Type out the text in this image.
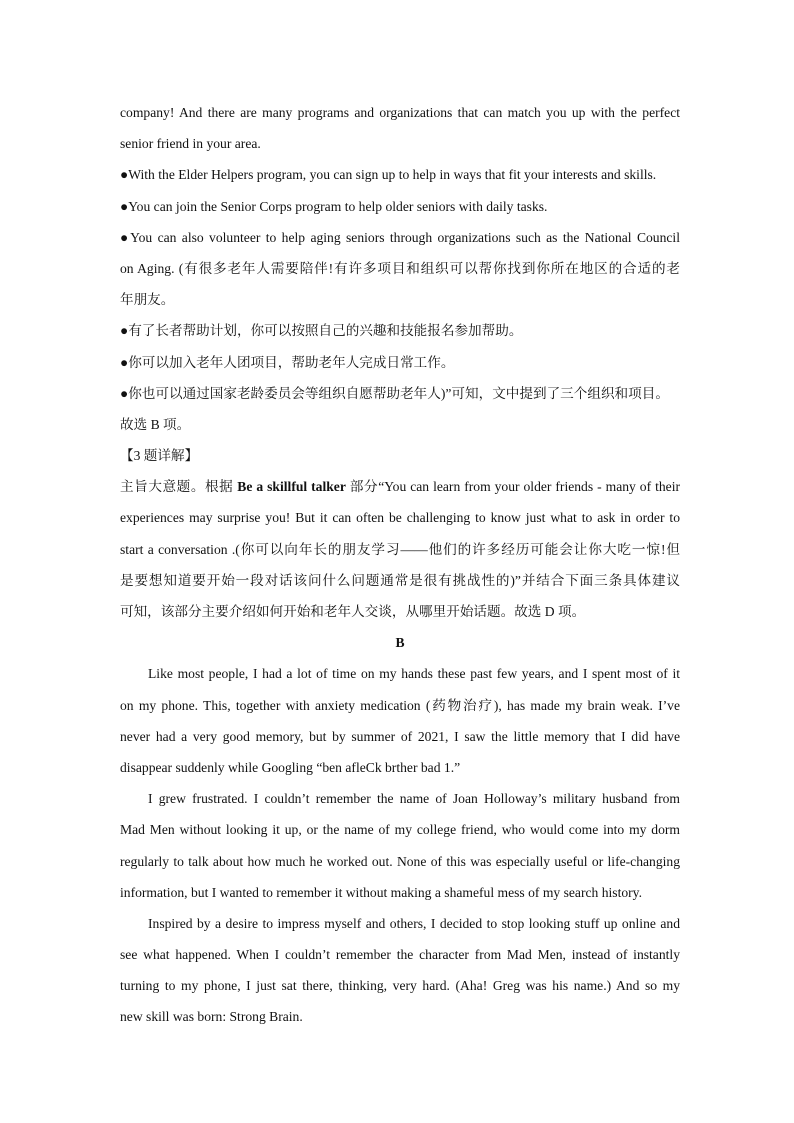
company! And there are many programs and organizations that can match you up with the perfect
senior friend in your area.
●With the Elder Helpers program, you can sign up to help in ways that fit your interests and skills.
●You can join the Senior Corps program to help older seniors with daily tasks.
●You can also volunteer to help aging seniors through organizations such as the National Council
on Aging. (有很多老年人需要陪伴!有许多项目和组织可以帮你找到你所在地区的合适的老
年朋友。
●有了长者帮助计划，你可以按照自己的兴趣和技能报名参加帮助。
●你可以加入老年人团项目，帮助老年人完成日常工作。
●你也可以通过国家老龄委员会等组织自愿帮助老年人)”可知，文中提到了三个组织和项目。
故选 B 项。
【3 题详解】
主旨大意题。根据 Be a skillful talker 部分“You can learn from your older friends - many of their
experiences may surprise you! But it can often be challenging to know just what to ask in order to
start a conversation .(你可以向年长的朋友学习——他们的许多经历可能会让你大吃一惊!但
是要想知道要开始一段对话该问什么问题通常是很有挑战性的)”并结合下面三条具体建议
可知，该部分主要介绍如何开始和老年人交谈，从哪里开始话题。故选 D 项。
B
Like most people, I had a lot of time on my hands these past few years, and I spent most of it
on my phone. This, together with anxiety medication (药物治疗), has made my brain weak. I’ve
never had a very good memory, but by summer of 2021, I saw the little memory that I did have
disappear suddenly while Googling “ben afleCk brther bad 1.”
I grew frustrated. I couldn’t remember the name of Joan Holloway’s military husband from
Mad Men without looking it up, or the name of my college friend, who would come into my dorm
regularly to talk about how much he worked out. None of this was especially useful or life-changing
information, but I wanted to remember it without making a shameful mess of my search history.
Inspired by a desire to impress myself and others, I decided to stop looking stuff up online and
see what happened. When I couldn’t remember the character from Mad Men, instead of instantly
turning to my phone, I just sat there, thinking, very hard. (Aha! Greg was his name.) And so my
new skill was born: Strong Brain.
